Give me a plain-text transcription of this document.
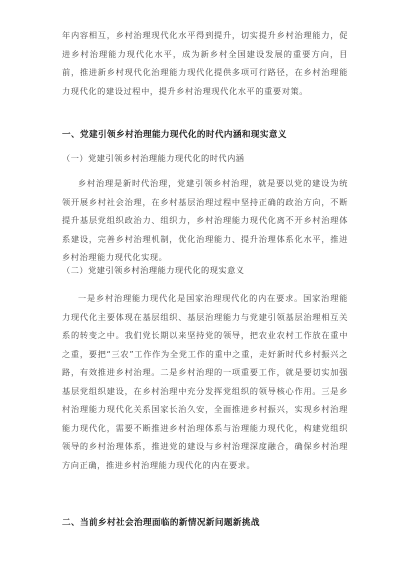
年内容相互，乡村治理现代化水平得到提升，切实提升乡村治理能力，促进乡村治理能力现代化水平，成为新乡村全国建设发展的重要方向，目前，推进新乡村现代化治理能力现代化提供多项可行路径，在乡村治理能力现代化的建设过程中，提升乡村治理现代化水平的重要对策。

一、党建引领乡村治理能力现代化的时代内涵和现实意义

（一）党建引领乡村治理能力现代化的时代内涵

乡村治理是新时代治理，党建引领乡村治理，就是要以党的建设为统领开展乡村社会治理，在乡村基层治理过程中坚持正确的政治方向，不断提升基层党组织政治力、组织力，乡村治理能力现代化离不开乡村治理体系建设，完善乡村治理机制，优化治理能力、提升治理体系化水平，推进乡村治理能力现代化实现。

（二）党建引领乡村治理能力现代化的现实意义

一是乡村治理能力现代化是国家治理现代化的内在要求。国家治理能力现代化主要体现在基层组织、基层治理能力与党建引领基层治理相互关系的转变之中。我们党长期以来坚持党的领导，把农业农村工作放在重中之重，要把“三农”工作作为全党工作的重中之重，走好新时代乡村振兴之路，有效推进乡村治理。二是乡村治理的一项重要工作，就是要切实加强基层党组织建设，在乡村治理中充分发挥党组织的领导核心作用。三是乡村治理能力现代化关系国家长治久安，全面推进乡村振兴，实现乡村治理能力现代化，需要不断推进乡村治理体系与治理能力现代化，构建党组织领导的乡村治理体系，推进党的建设与乡村治理深度融合，确保乡村治理方向正确，推进乡村治理能力现代化的内在要求。

二、当前乡村社会治理面临的新情况新问题新挑战
